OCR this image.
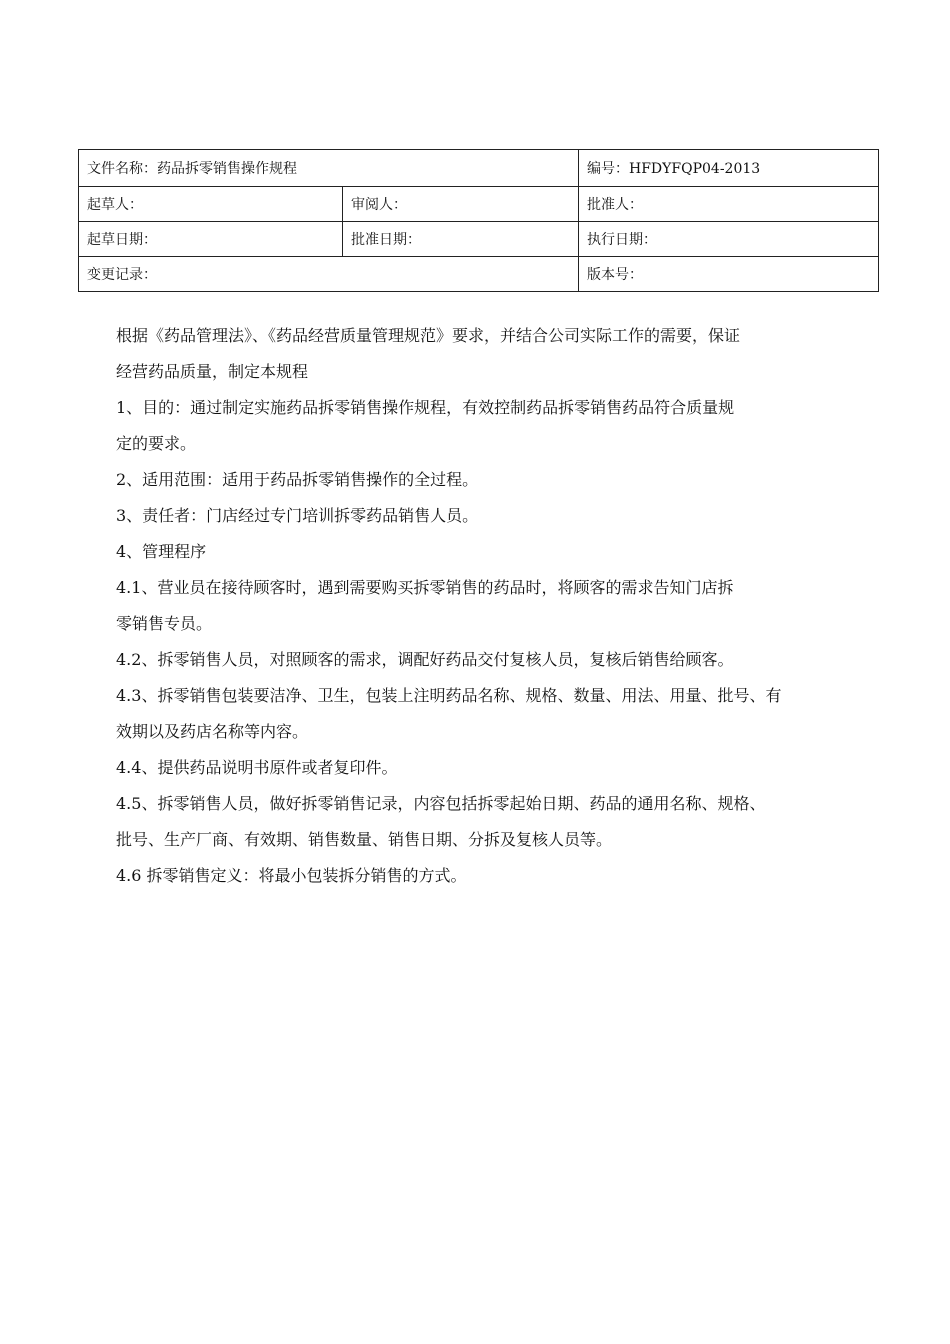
文件名称：药品拆零销售操作规程		编号：HFDYFQP04-2013
起草人：	审阅人：	批准人：
起草日期：	批准日期：	执行日期：
变更记录：		版本号：

根据《药品管理法》、《药品经营质量管理规范》要求，并结合公司实际工作的需要，保证

经营药品质量，制定本规程

1、目的：通过制定实施药品拆零销售操作规程，有效控制药品拆零销售药品符合质量规

定的要求。

2、适用范围：适用于药品拆零销售操作的全过程。

3、责任者：门店经过专门培训拆零药品销售人员。

4、管理程序

4.1、营业员在接待顾客时，遇到需要购买拆零销售的药品时，将顾客的需求告知门店拆

零销售专员。

4.2、拆零销售人员，对照顾客的需求，调配好药品交付复核人员，复核后销售给顾客。

4.3、拆零销售包装要洁净、卫生，包装上注明药品名称、规格、数量、用法、用量、批号、有

效期以及药店名称等内容。

4.4、提供药品说明书原件或者复印件。

4.5、拆零销售人员，做好拆零销售记录，内容包括拆零起始日期、药品的通用名称、规格、

批号、生产厂商、有效期、销售数量、销售日期、分拆及复核人员等。

4.6 拆零销售定义：将最小包装拆分销售的方式。
